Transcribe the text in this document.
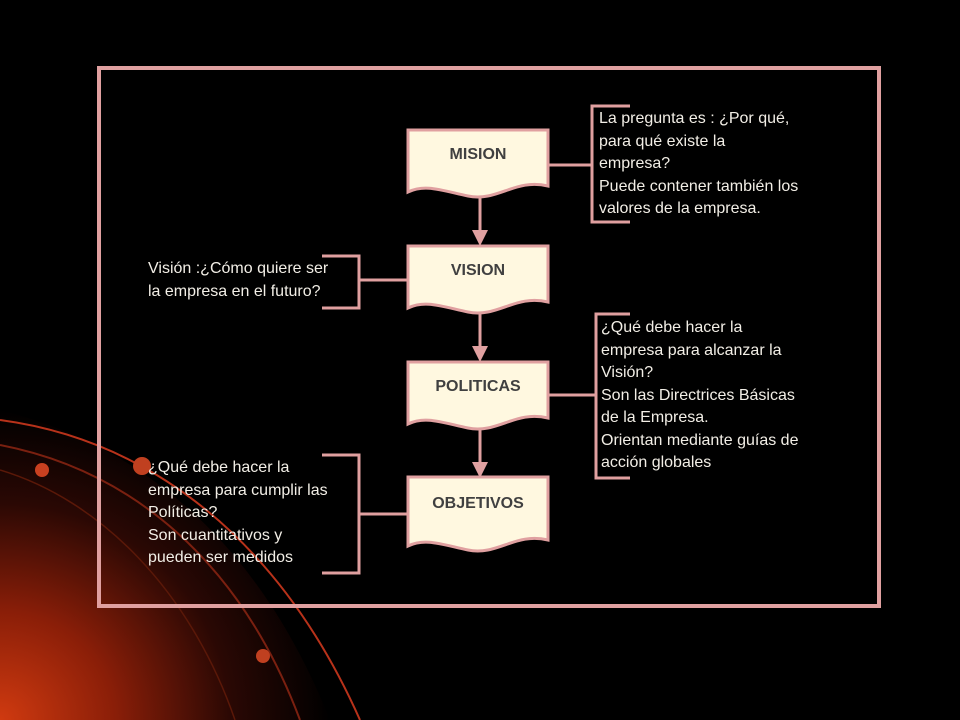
MISION
VISION
POLITICAS
OBJETIVOS
La pregunta es : ¿Por qué,
para qué existe la
empresa?
Puede contener también los
valores de la empresa.
Visión :¿Cómo quiere ser
la empresa en el futuro?
¿Qué debe hacer la
empresa para alcanzar la
Visión?
Son las Directrices Básicas
de la Empresa.
Orientan mediante guías de
acción globales
¿Qué debe hacer la
empresa para cumplir las
Políticas?
Son cuantitativos y
pueden ser medidos
